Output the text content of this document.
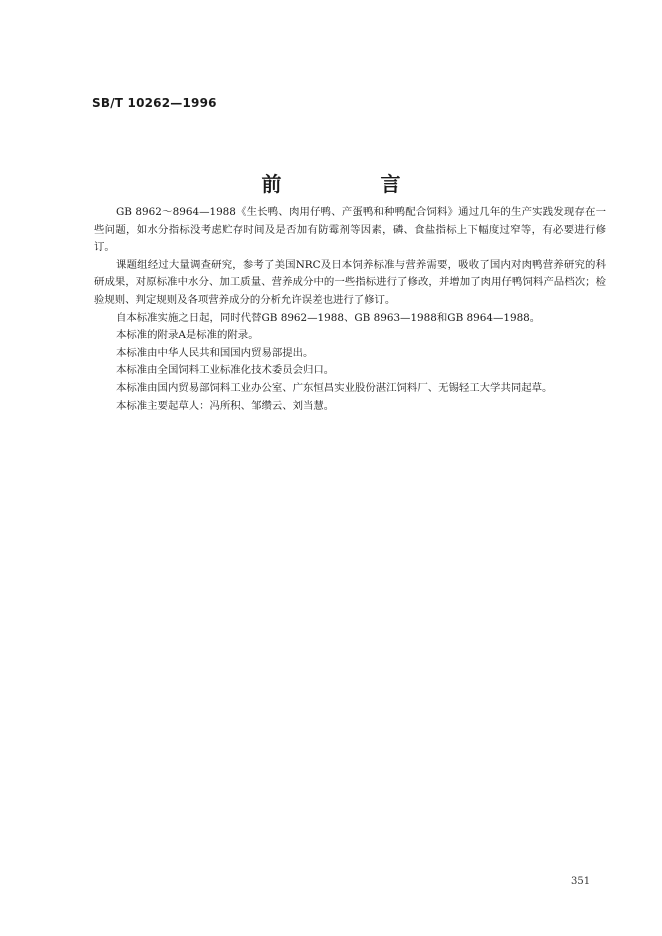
SB/T 10262—1996
前 言

GB 8962～8964—1988《生长鸭、肉用仔鸭、产蛋鸭和种鸭配合饲料》通过几年的生产实践发现存在一些问题，如水分指标没考虑贮存时间及是否加有防霉剂等因素，磷、食盐指标上下幅度过窄等，有必要进行修订。

课题组经过大量调查研究，参考了美国NRC及日本饲养标准与营养需要，吸收了国内对肉鸭营养研究的科研成果，对原标准中水分、加工质量、营养成分中的一些指标进行了修改，并增加了肉用仔鸭饲料产品档次；检验规则、判定规则及各项营养成分的分析允许误差也进行了修订。

自本标准实施之日起，同时代替GB 8962—1988、GB 8963—1988和GB 8964—1988。

本标准的附录A是标准的附录。

本标准由中华人民共和国国内贸易部提出。

本标准由全国饲料工业标准化技术委员会归口。

本标准由国内贸易部饲料工业办公室、广东恒昌实业股份湛江饲料厂、无锡轻工大学共同起草。

本标准主要起草人：冯所积、邹缵云、刘当慧。

351
